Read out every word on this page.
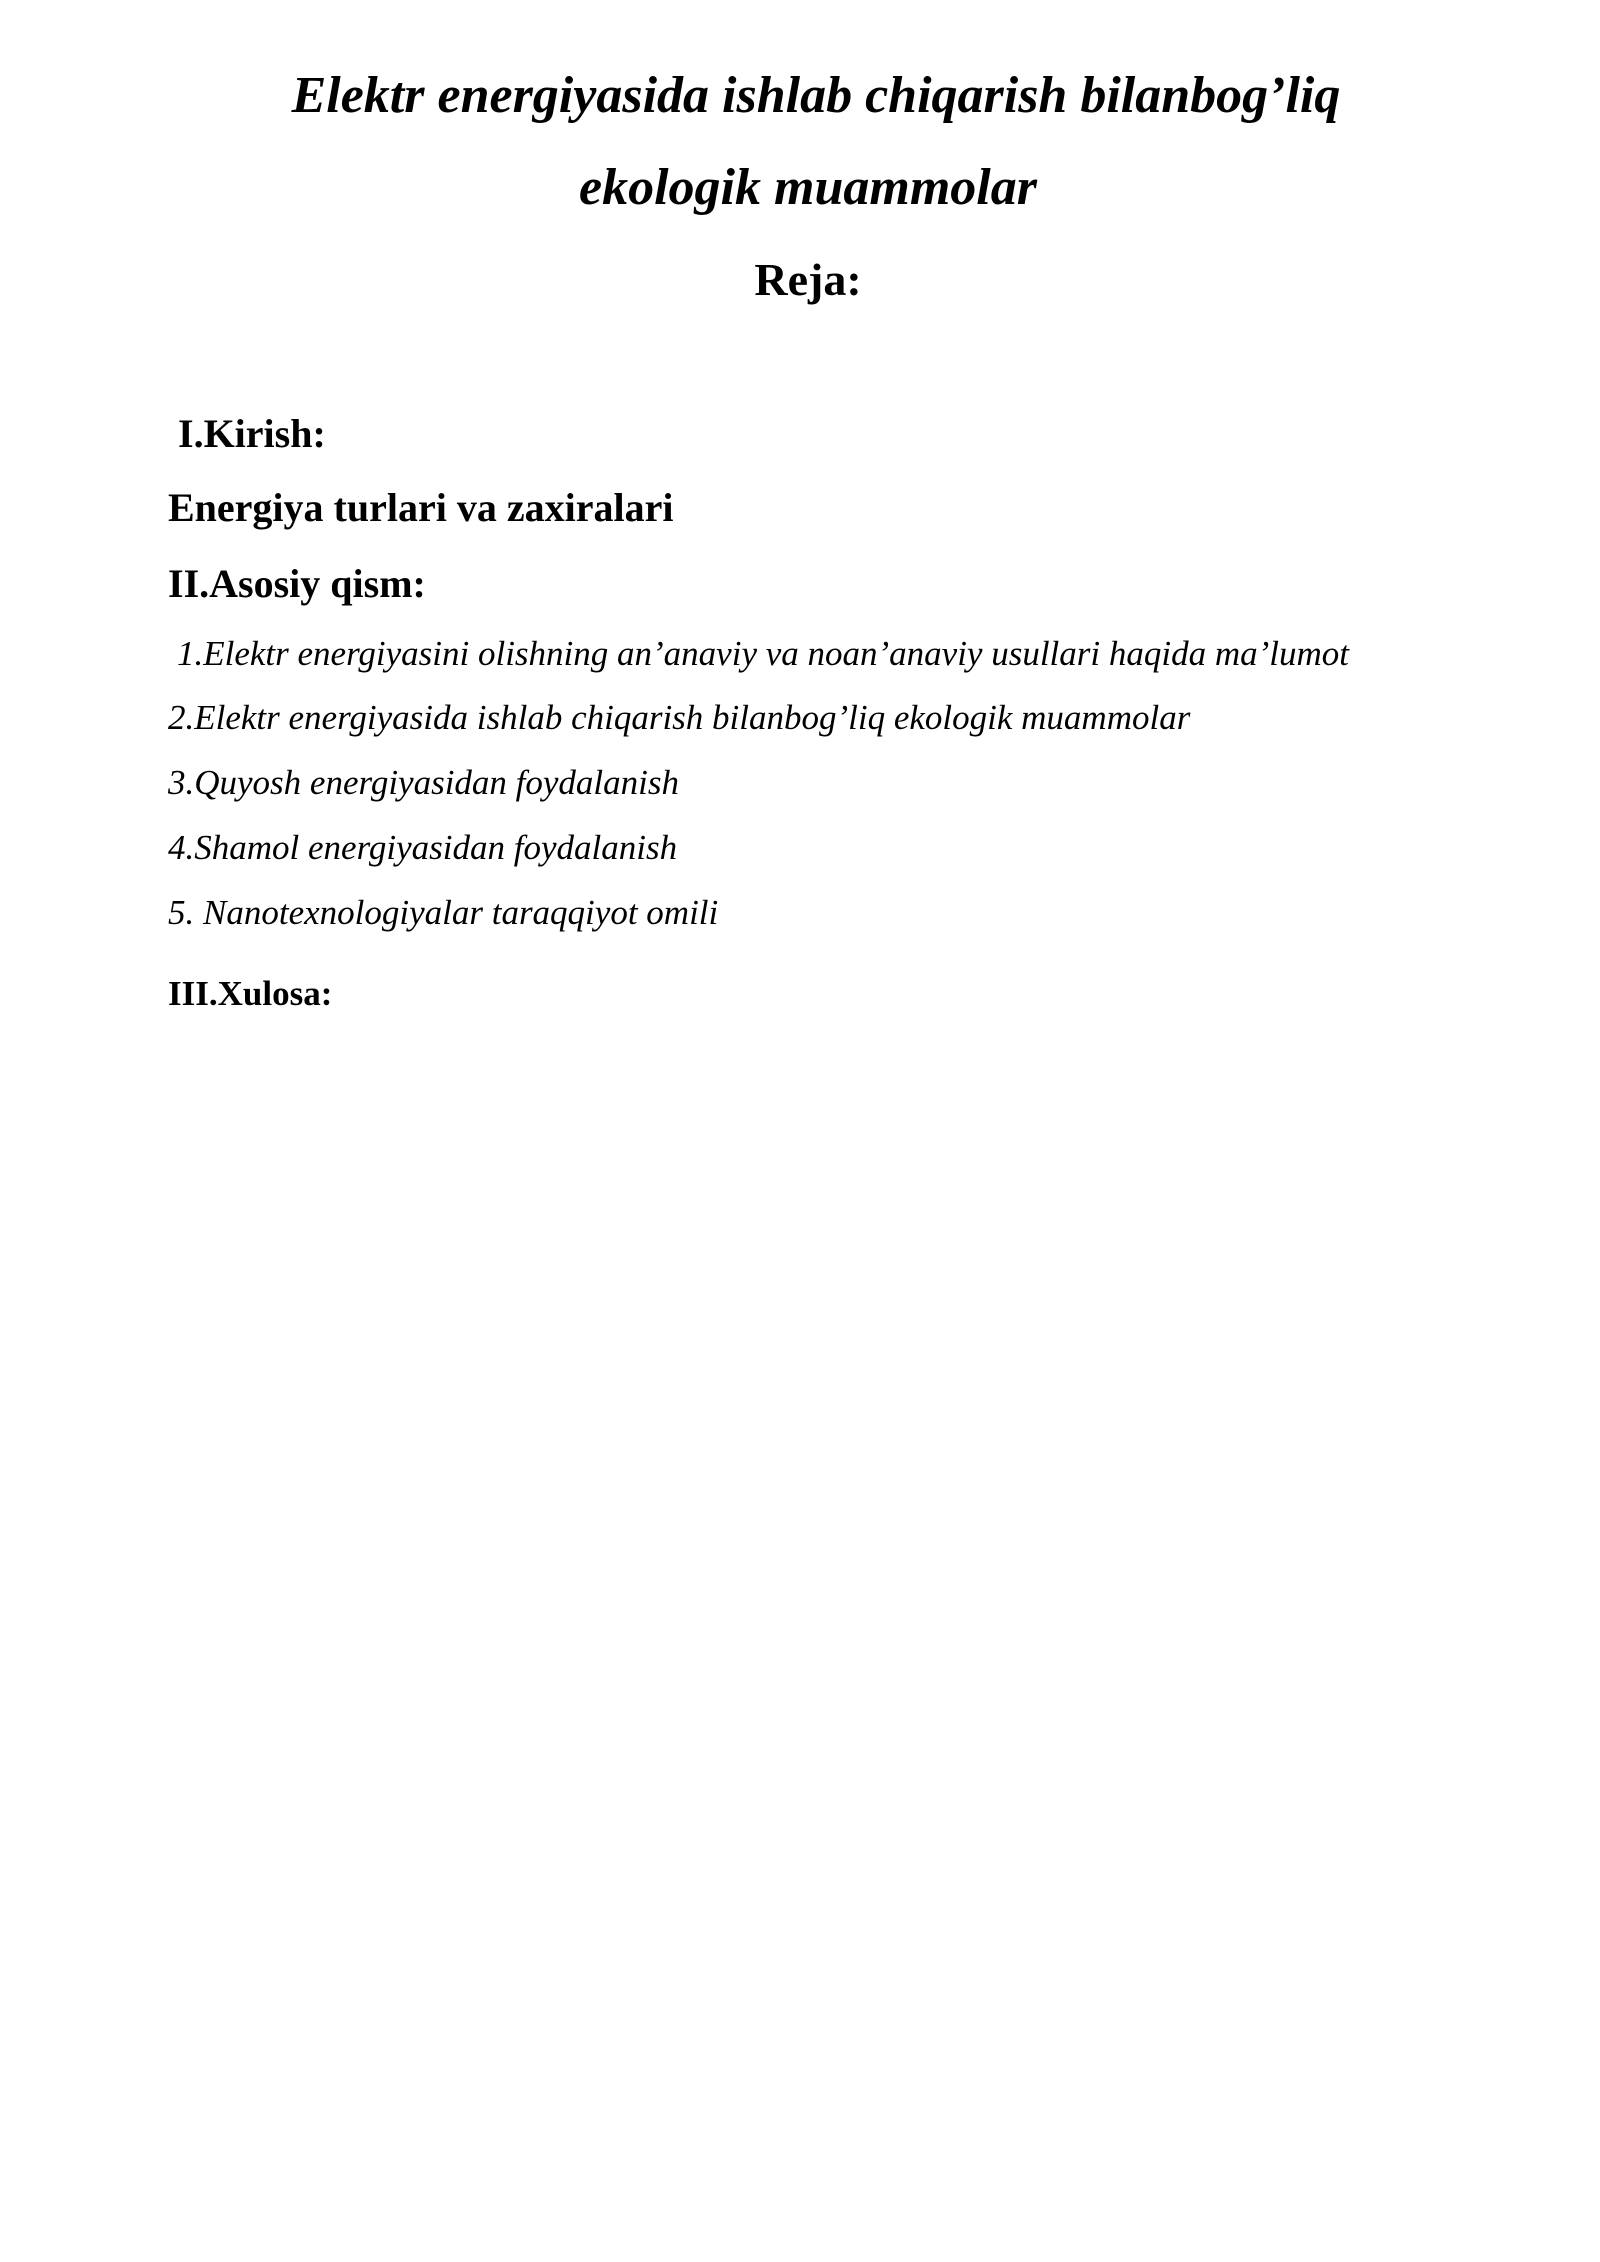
Elektr energiyasida ishlab chiqarish bilanbog’liq
ekologik muammolar
Reja:
I.Kirish:
Energiya turlari va zaxiralari
II.Asosiy qism:
1.Elektr energiyasini olishning an’anaviy va noan’anaviy usullari haqida ma’lumot
2.Elektr energiyasida ishlab chiqarish bilanbog’liq ekologik muammolar
3.Quyosh energiyasidan foydalanish
4.Shamol energiyasidan foydalanish
5. Nanotexnologiyalar taraqqiyot omili
III.Xulosa:
